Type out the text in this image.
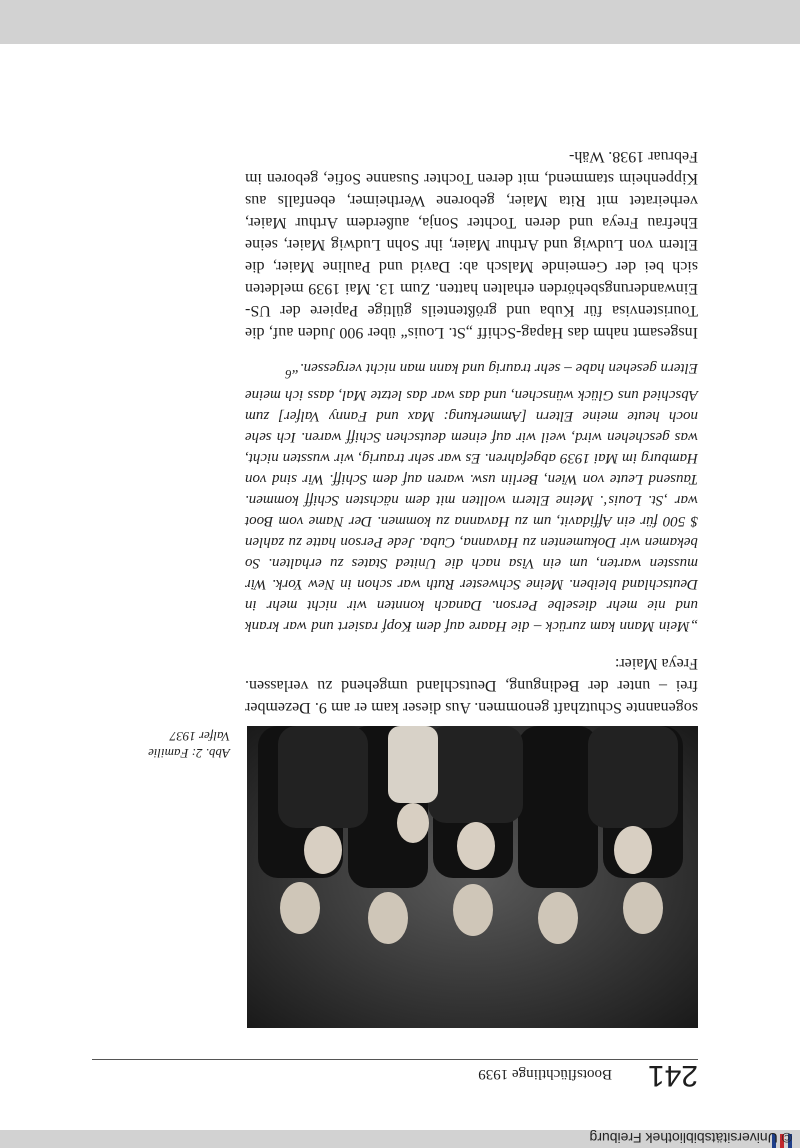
© Universitätsbibliothek Freiburg
241
Bootsflüchtlinge 1939
Abb. 2: Familie
Valfer 1937

sogenannte Schutzhaft genommen. Aus dieser kam er am 9. Dezember frei – unter der Bedingung, Deutschland umgehend zu verlassen. Freya Maier:

„Mein Mann kam zurück – die Haare auf dem Kopf rasiert und war krank und nie mehr dieselbe Person. Danach konnten wir nicht mehr in Deutschland bleiben. Meine Schwester Ruth war schon in New York. Wir mussten warten, um ein Visa nach die United States zu erhalten. So bekamen wir Dokumenten zu Havanna, Cuba. Jede Person hatte zu zahlen $ 500 für ein Affidavit, um zu Havanna zu kommen. Der Name vom Boot war ‚St. Louis‘. Meine Eltern wollten mit dem nächsten Schiff kommen. Tausend Leute von Wien, Berlin usw. waren auf dem Schiff. Wir sind von Hamburg im Mai 1939 abgefahren. Es war sehr traurig, wir wussten nicht, was geschehen wird, weil wir auf einem deutschen Schiff waren. Ich sehe noch heute meine Eltern [Ammerkung: Max und Fanny Valfer] zum Abschied uns Glück wünschen, und das war das letzte Mal, dass ich meine Eltern gesehen habe – sehr traurig und kann man nicht vergessen.“$^6$

Insgesamt nahm das Hapag-Schiff „St. Louis“ über 900 Juden auf, die Touristenvisa für Kuba und größtenteils gültige Papiere der US-Einwanderungsbehörden erhalten hatten. Zum 13. Mai 1939 meldeten sich bei der Gemeinde Malsch ab: David und Pauline Maier, die Eltern von Ludwig und Arthur Maier, ihr Sohn Ludwig Maier, seine Ehefrau Freya und deren Tochter Sonja, außerdem Arthur Maier, verheiratet mit Rita Maier, geborene Wertheimer, ebenfalls aus Kippenheim stammend, mit deren Tochter Susanne Sofie, geboren im Februar 1938. Wäh-
